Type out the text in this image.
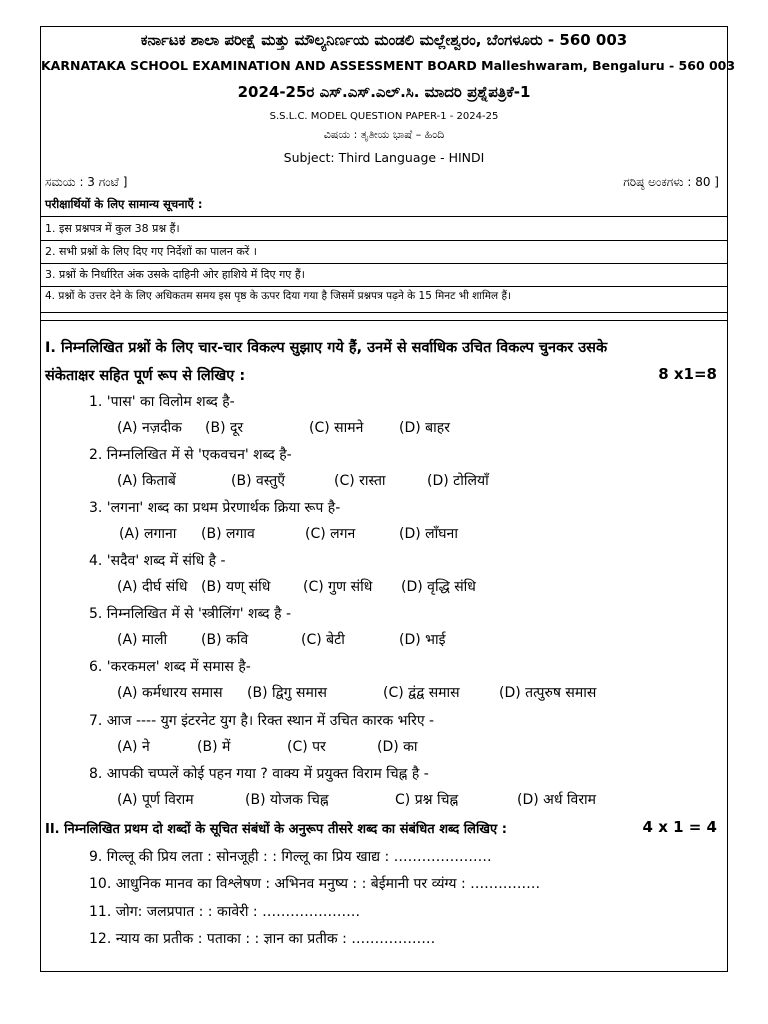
ಕರ್ನಾಟಕ ಶಾಲಾ ಪರೀಕ್ಷೆ ಮತ್ತು ಮೌಲ್ಯನಿರ್ಣಯ ಮಂಡಲಿ ಮಲ್ಲೇಶ್ವರಂ, ಬೆಂಗಳೂರು - 560 003
KARNATAKA SCHOOL EXAMINATION AND ASSESSMENT BOARD Malleshwaram, Bengaluru - 560 003
2024-25ರ ಎಸ್.ಎಸ್.ಎಲ್.ಸಿ. ಮಾದರಿ ಪ್ರಶ್ನೆಪತ್ರಿಕೆ-1
S.S.L.C. MODEL QUESTION PAPER-1 - 2024-25
ವಿಷಯ : ತೃತೀಯ ಭಾಷೆ – ಹಿಂದಿ
Subject: Third Language - HINDI
ಸಮಯ : 3 ಗಂಟೆ ]	ಗರಿಷ್ಠ ಅಂಕಗಳು : 80 ]
परीक्षार्थियों के लिए सामान्य सूचनाएँ :
1. इस प्रश्नपत्र में कुल 38 प्रश्न हैं।
2. सभी प्रश्नों के लिए दिए गए निर्देशों का पालन करें ।
3. प्रश्नों के निर्धारित अंक उसके दाहिनी ओर हाशिये में दिए गए हैं।
4. प्रश्नों के उत्तर देने के लिए अधिकतम समय इस पृष्ठ के ऊपर दिया गया है जिसमें प्रश्नपत्र पढ़ने के 15 मिनट भी शामिल हैं।
I. निम्नलिखित प्रश्नों के लिए चार-चार विकल्प सुझाए गये हैं, उनमें से सर्वाधिक उचित विकल्प चुनकर उसके
संकेताक्षर सहित पूर्ण रूप से लिखिए :	8 x1=8
1. 'पास' का विलोम शब्द है-
(A) नज़दीक (B) दूर	(C) सामने	(D) बाहर
2. निम्नलिखित में से 'एकवचन' शब्द है-
(A) किताबें	(B) वस्तुएँ	(C) रास्ता	(D) टोलियाँ
3. 'लगना' शब्द का प्रथम प्रेरणार्थक क्रिया रूप है-
(A) लगाना (B) लगाव	(C) लगन	(D) लाँघना
4. 'सदैव' शब्द में संधि है -
(A) दीर्घ संधि (B) यण् संधि (C) गुण संधि (D) वृद्धि संधि
5. निम्नलिखित में से 'स्त्रीलिंग' शब्द है -
(A) माली (B) कवि	(C) बेटी	(D) भाई
6. 'करकमल' शब्द में समास है-
(A) कर्मधारय समास (B) द्विगु समास	(C) द्वंद्व समास	(D) तत्पुरुष समास
7. आज ---- युग इंटरनेट युग है। रिक्त स्थान में उचित कारक भरिए -
(A) ने	(B) में	(C) पर	(D) का
8. आपकी चप्पलें कोई पहन गया ? वाक्य में प्रयुक्त विराम चिह्न है -
(A) पूर्ण विराम	(B) योजक चिह्न	C) प्रश्न चिह्न	(D) अर्ध विराम
II. निम्नलिखित प्रथम दो शब्दों के सूचित संबंधों के अनुरूप तीसरे शब्द का संबंधित शब्द लिखिए :	4 x 1 = 4
9. गिल्लू की प्रिय लता : सोनजूही : : गिल्लू का प्रिय खाद्य : …………………
10. आधुनिक मानव का विश्लेषण : अभिनव मनुष्य : : बेईमानी पर व्यंग्य : ……………
11. जोग: जलप्रपात : : कावेरी : …………………
12. न्याय का प्रतीक : पताका : : ज्ञान का प्रतीक : ………………
